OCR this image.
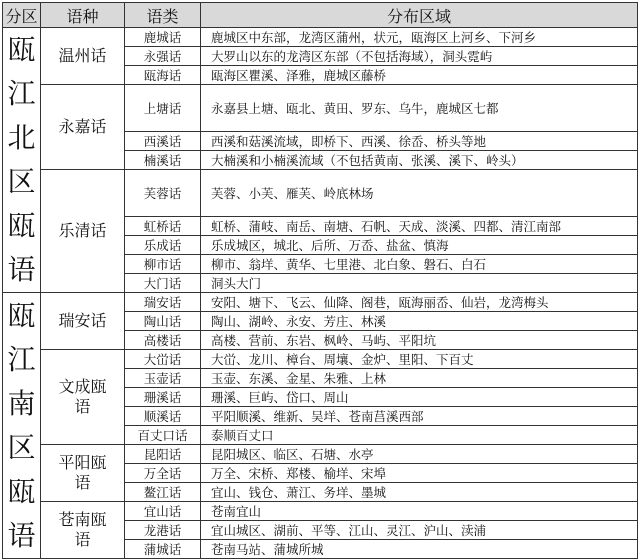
分区	语种	语类	分布区域
瓯江北区瓯语	温州话	鹿城话	鹿城区中东部，龙湾区蒲州，状元，瓯海区上河乡、下河乡
		永强话	大罗山以东的龙湾区东部（不包括海域），洞头霓屿
		瓯海话	瓯海区瞿溪、泽雅，鹿城区藤桥
	永嘉话	上塘话	永嘉县上塘、瓯北、黄田、罗东、乌牛，鹿城区七都
		西溪话	西溪和菇溪流域，即桥下、西溪、徐岙、桥头等地
		楠溪话	大楠溪和小楠溪流域（不包括黄南、张溪、溪下、岭头）
	乐清话	芙蓉话	芙蓉、小芙、雁芙、岭底林场
		虹桥话	虹桥、蒲岐、南岳、南塘、石帆、天成、淡溪、四都、清江南部
		乐成话	乐成城区，城北、后所、万岙、盐盆、慎海
		柳市话	柳市、翁垟、黄华、七里港、北白象、磐石、白石
		大门话	洞头大门
瓯江南区瓯语	瑞安话	瑞安话	安阳、塘下、飞云、仙降、阁巷，瓯海丽岙、仙岩，龙湾梅头
		陶山话	陶山、湖岭、永安、芳庄、林溪
		高楼话	高楼、营前、东岩、枫岭、马屿、平阳坑
	文成瓯语	大峃话	大峃、龙川、樟台、周壤、金炉、里阳、下百丈
		玉壶话	玉壶、东溪、金星、朱雅、上林
		珊溪话	珊溪、巨屿、岱口、周山
		顺溪话	平阳顺溪、维新、吴垟、苍南莒溪西部
		百丈口话	泰顺百丈口
	平阳瓯语	昆阳话	昆阳城区、临区、石塘、水亭
		万全话	万全、宋桥、郑楼、榆垟、宋埠
		鳌江话	宜山、钱仓、萧江、务垟、墨城
	苍南瓯语	宜山话	苍南宜山
		龙港话	宜山城区、湖前、平等、江山、灵江、沪山、渎浦
		蒲城话	苍南马站、蒲城所城
